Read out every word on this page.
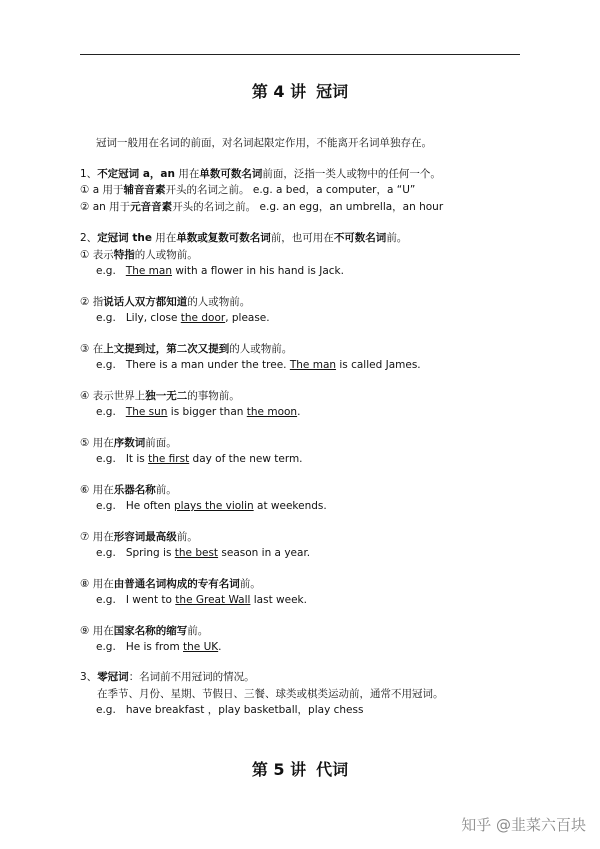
第 4 讲 冠词
冠词一般用在名词的前面，对名词起限定作用，不能离开名词单独存在。
1、不定冠词 a，an 用在单数可数名词前面，泛指一类人或物中的任何一个。
① a 用于辅音音素开头的名词之前。 e.g. a bed，a computer，a “U”
② an 用于元音音素开头的名词之前。 e.g. an egg，an umbrella，an hour
2、定冠词 the 用在单数或复数可数名词前，也可用在不可数名词前。
① 表示特指的人或物前。
e.g. The man with a flower in his hand is Jack.
② 指说话人双方都知道的人或物前。
e.g. Lily, close the door, please.
③ 在上文提到过，第二次又提到的人或物前。
e.g. There is a man under the tree. The man is called James.
④ 表示世界上独一无二的事物前。
e.g. The sun is bigger than the moon.
⑤ 用在序数词前面。
e.g. It is the first day of the new term.
⑥ 用在乐器名称前。
e.g. He often plays the violin at weekends.
⑦ 用在形容词最高级前。
e.g. Spring is the best season in a year.
⑧ 用在由普通名词构成的专有名词前。
e.g. I went to the Great Wall last week.
⑨ 用在国家名称的缩写前。
e.g. He is from the UK.
3、零冠词：名词前不用冠词的情况。
在季节、月份、星期、节假日、三餐、球类或棋类运动前，通常不用冠词。
e.g. have breakfast ，play basketball，play chess
第 5 讲 代词
知乎 @韭菜六百块
